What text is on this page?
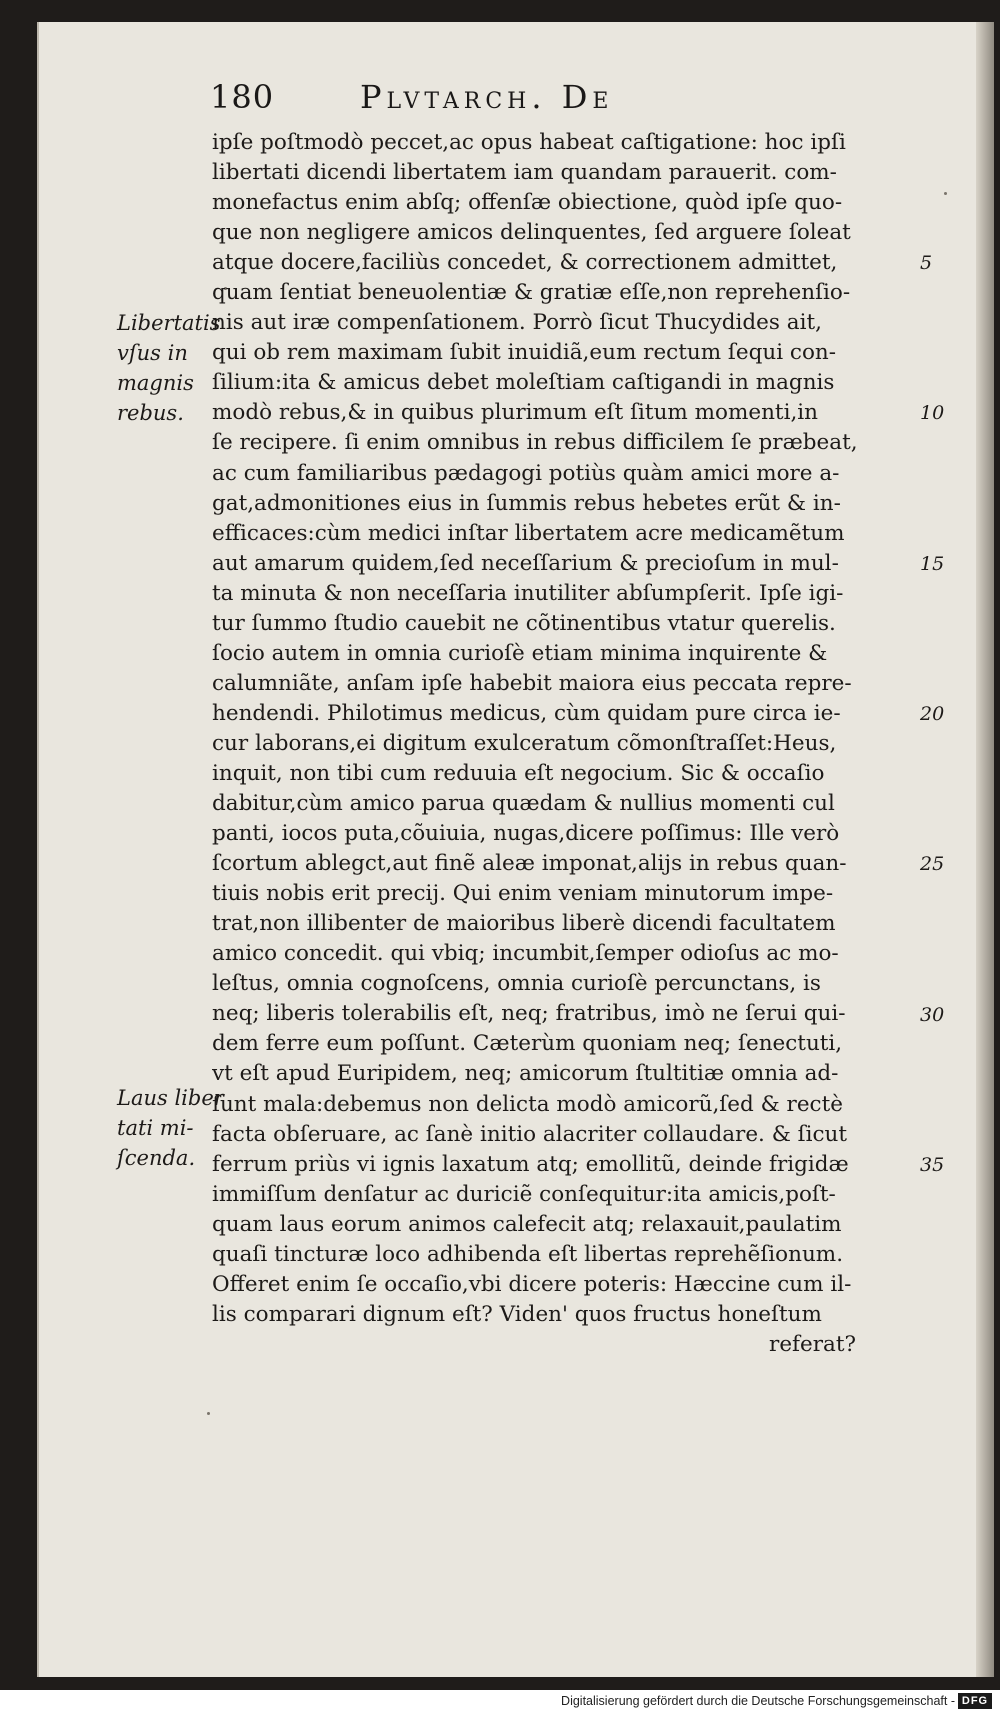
180	Plvtarch. De
ipſe poſtmodò peccet,ac opus habeat caſtigatione: hoc ipſi
libertati dicendi libertatem iam quandam parauerit. com-
monefactus enim abſq; offenſæ obiectione, quòd ipſe quo-
que non negligere amicos delinquentes, ſed arguere ſoleat
atque docere,faciliùs concedet, & correctionem admittet,
quam ſentiat beneuolentiæ & gratiæ eſſe,non reprehenſio-
nis aut iræ compenſationem. Porrò ſicut Thucydides ait,
qui ob rem maximam ſubit inuidiã,eum rectum ſequi con-
ſilium:ita & amicus debet moleſtiam caſtigandi in magnis
modò rebus,& in quibus plurimum eſt ſitum momenti,in
ſe recipere. ſi enim omnibus in rebus difficilem ſe præbeat,
ac cum familiaribus pædagogi potiùs quàm amici more a-
gat,admonitiones eius in ſummis rebus hebetes erũt & in-
efficaces:cùm medici inſtar libertatem acre medicamẽtum
aut amarum quidem,ſed neceſſarium & precioſum in mul-
ta minuta & non neceſſaria inutiliter abſumpſerit. Ipſe igi-
tur ſummo ſtudio cauebit ne cõtinentibus vtatur querelis.
ſocio autem in omnia curioſè etiam minima inquirente &
calumniãte, anſam ipſe habebit maiora eius peccata repre-
hendendi. Philotimus medicus, cùm quidam pure circa ie-
cur laborans,ei digitum exulceratum cõmonſtraſſet:Heus,
inquit, non tibi cum reduuia eſt negocium. Sic & occaſio
dabitur,cùm amico parua quædam & nullius momenti cul
panti, iocos puta,cõuiuia, nugas,dicere poſſimus: Ille verò
ſcortum ablegct,aut finẽ aleæ imponat,alijs in rebus quan-
tiuis nobis erit precij. Qui enim veniam minutorum impe-
trat,non illibenter de maioribus liberè dicendi facultatem
amico concedit. qui vbiq; incumbit,ſemper odioſus ac mo-
leſtus, omnia cognoſcens, omnia curioſè percunctans, is
neq; liberis tolerabilis eſt, neq; fratribus, imò ne ſerui qui-
dem ferre eum poſſunt. Cæterùm quoniam neq; ſenectuti,
vt eſt apud Euripidem, neq; amicorum ſtultitiæ omnia ad-
ſunt mala:debemus non delicta modò amicorũ,ſed & rectè
facta obſeruare, ac ſanè initio alacriter collaudare. & ſicut
ferrum priùs vi ignis laxatum atq; emollitũ, deinde frigidæ
immiſſum denſatur ac duriciẽ conſequitur:ita amicis,poſt-
quam laus eorum animos calefecit atq; relaxauit,paulatim
quaſi tincturæ loco adhibenda eſt libertas reprehẽſionum.
Offeret enim ſe occaſio,vbi dicere poteris: Hæccine cum il-
lis comparari dignum eſt? Viden' quos fructus honeſtum
referat?
5
10
15
20
25
30
35
Libertatis
vſus in
magnis
rebus.
Laus liber
tati mi-
ſcenda.
Digitalisierung gefördert durch die Deutsche Forschungsgemeinschaft - DFG
